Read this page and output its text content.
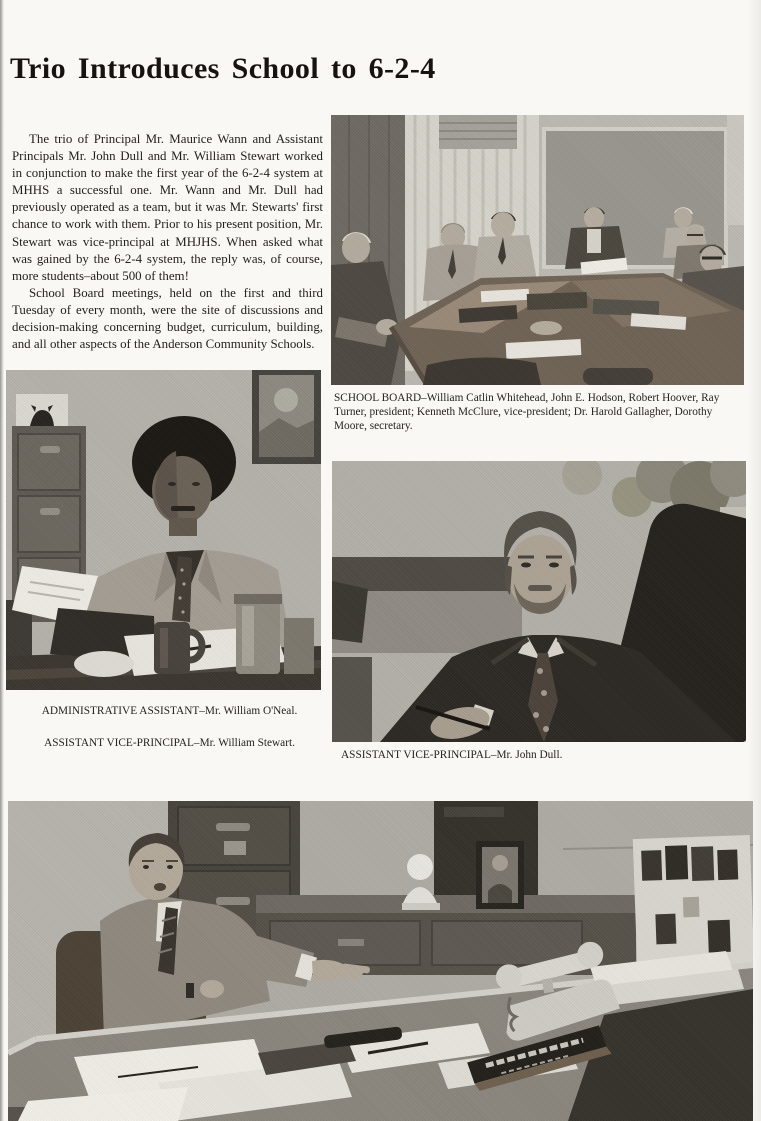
Trio Introduces School to 6-2-4

The trio of Principal Mr. Maurice Wann and Assistant Principals Mr. John Dull and Mr. William Stewart worked in conjunction to make the first year of the 6-2-4 system at MHHS a successful one. Mr. Wann and Mr. Dull had previously operated as a team, but it was Mr. Stewarts' first chance to work with them. Prior to his present position, Mr. Stewart was vice-principal at MHJHS. When asked what was gained by the 6-2-4 system, the reply was, of course, more students–about 500 of them!

School Board meetings, held on the first and third Tuesday of every month, were the site of discussions and decision-making concerning budget, curriculum, building, and all other aspects of the Anderson Community Schools.

SCHOOL BOARD–William Catlin Whitehead, John E. Hodson, Robert Hoover, Ray Turner, president; Kenneth McClure, vice-president; Dr. Harold Gallagher, Dorothy Moore, secretary.
ADMINISTRATIVE ASSISTANT–Mr. William O'Neal.
ASSISTANT VICE-PRINCIPAL–Mr. William Stewart.
ASSISTANT VICE-PRINCIPAL–Mr. John Dull.
